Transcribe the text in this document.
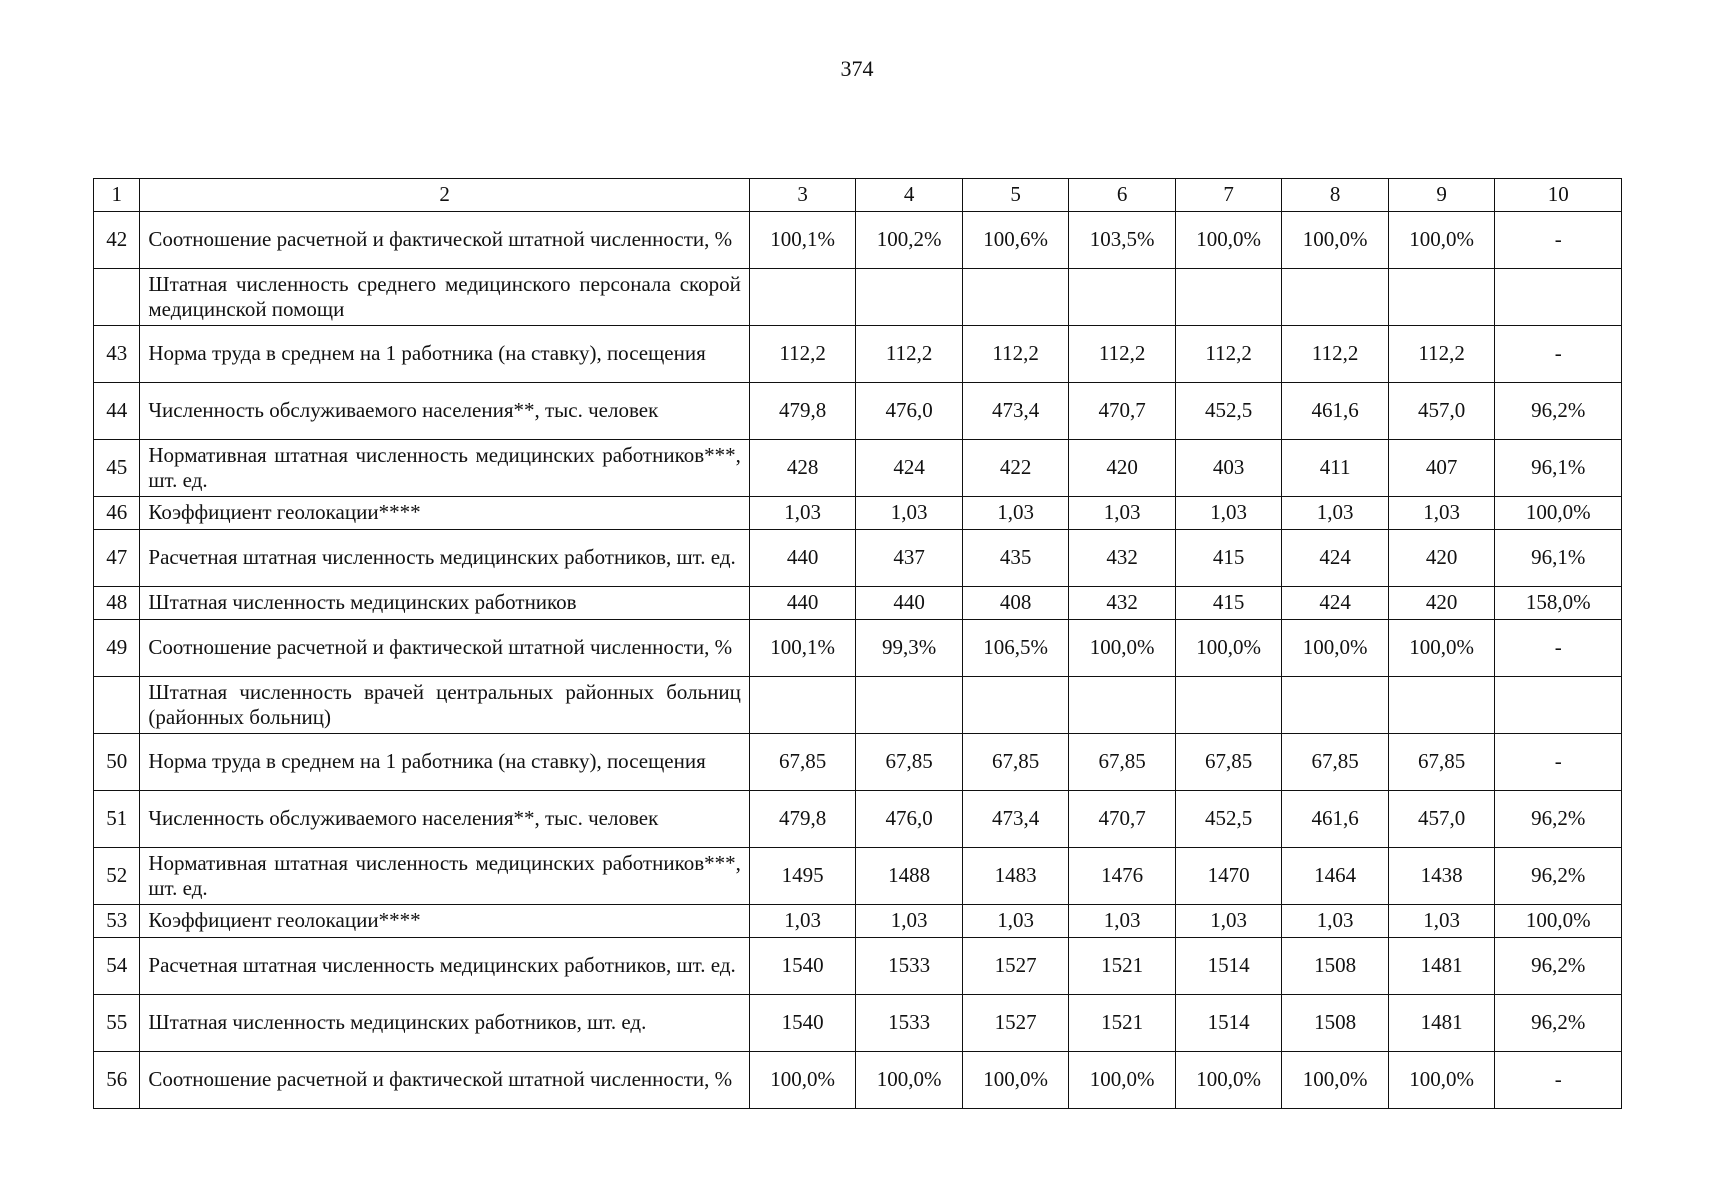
374
1	2	3	4	5	6	7	8	9	10
42	Соотношение расчетной и фактической штатной численности, %	100,1%	100,2%	100,6%	103,5%	100,0%	100,0%	100,0%	-
	Штатная численность среднего медицинского персонала скорой медицинской помощи								
43	Норма труда в среднем на 1 работника (на ставку), посещения	112,2	112,2	112,2	112,2	112,2	112,2	112,2	-
44	Численность обслуживаемого населения**, тыс. человек	479,8	476,0	473,4	470,7	452,5	461,6	457,0	96,2%
45	Нормативная штатная численность медицинских работников***, шт. ед.	428	424	422	420	403	411	407	96,1%
46	Коэффициент геолокации****	1,03	1,03	1,03	1,03	1,03	1,03	1,03	100,0%
47	Расчетная штатная численность медицинских работников, шт. ед.	440	437	435	432	415	424	420	96,1%
48	Штатная численность медицинских работников	440	440	408	432	415	424	420	158,0%
49	Соотношение расчетной и фактической штатной численности, %	100,1%	99,3%	106,5%	100,0%	100,0%	100,0%	100,0%	-
	Штатная численность врачей центральных районных больниц (районных больниц)								
50	Норма труда в среднем на 1 работника (на ставку), посещения	67,85	67,85	67,85	67,85	67,85	67,85	67,85	-
51	Численность обслуживаемого населения**, тыс. человек	479,8	476,0	473,4	470,7	452,5	461,6	457,0	96,2%
52	Нормативная штатная численность медицинских работников***, шт. ед.	1495	1488	1483	1476	1470	1464	1438	96,2%
53	Коэффициент геолокации****	1,03	1,03	1,03	1,03	1,03	1,03	1,03	100,0%
54	Расчетная штатная численность медицинских работников, шт. ед.	1540	1533	1527	1521	1514	1508	1481	96,2%
55	Штатная численность медицинских работников, шт. ед.	1540	1533	1527	1521	1514	1508	1481	96,2%
56	Соотношение расчетной и фактической штатной численности, %	100,0%	100,0%	100,0%	100,0%	100,0%	100,0%	100,0%	-
